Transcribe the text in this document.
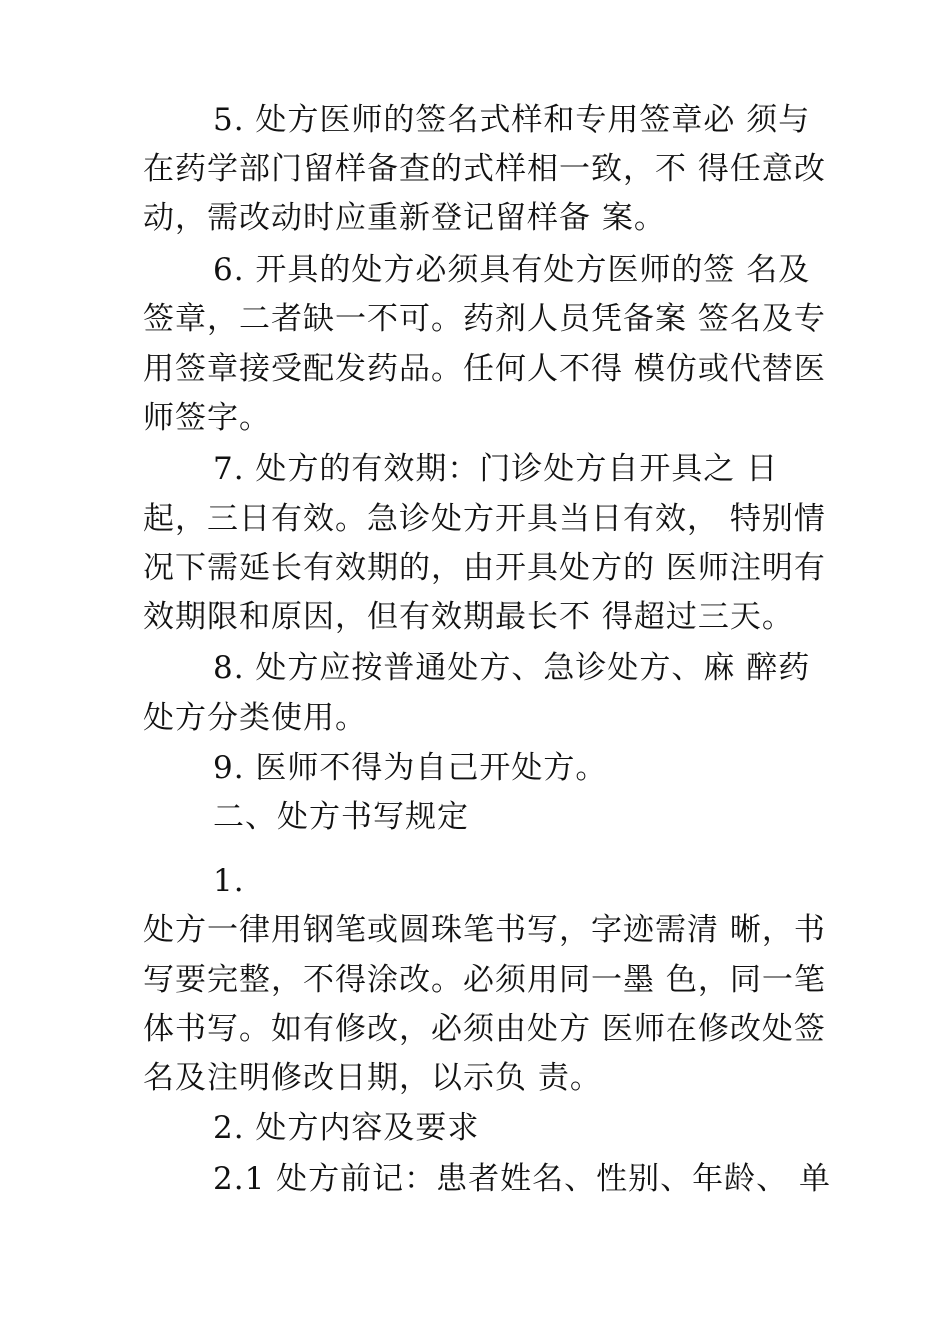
5. 处方医师的签名式样和专用签章必 须与
在药学部门留样备查的式样相一致，不 得任意改
动，需改动时应重新登记留样备 案。
6. 开具的处方必须具有处方医师的签 名及
签章，二者缺一不可。药剂人员凭备案 签名及专
用签章接受配发药品。任何人不得 模仿或代替医
师签字。
7. 处方的有效期：门诊处方自开具之 日
起，三日有效。急诊处方开具当日有效， 特别情
况下需延长有效期的，由开具处方的 医师注明有
效期限和原因，但有效期最长不 得超过三天。
8. 处方应按普通处方、急诊处方、麻 醉药
处方分类使用。
9. 医师不得为自己开处方。
二、处方书写规定
1.
处方一律用钢笔或圆珠笔书写，字迹需清 晰，书
写要完整，不得涂改。必须用同一墨 色，同一笔
体书写。如有修改，必须由处方 医师在修改处签
名及注明修改日期，以示负 责。
2. 处方内容及要求
2.1 处方前记：患者姓名、性别、年龄、 单
